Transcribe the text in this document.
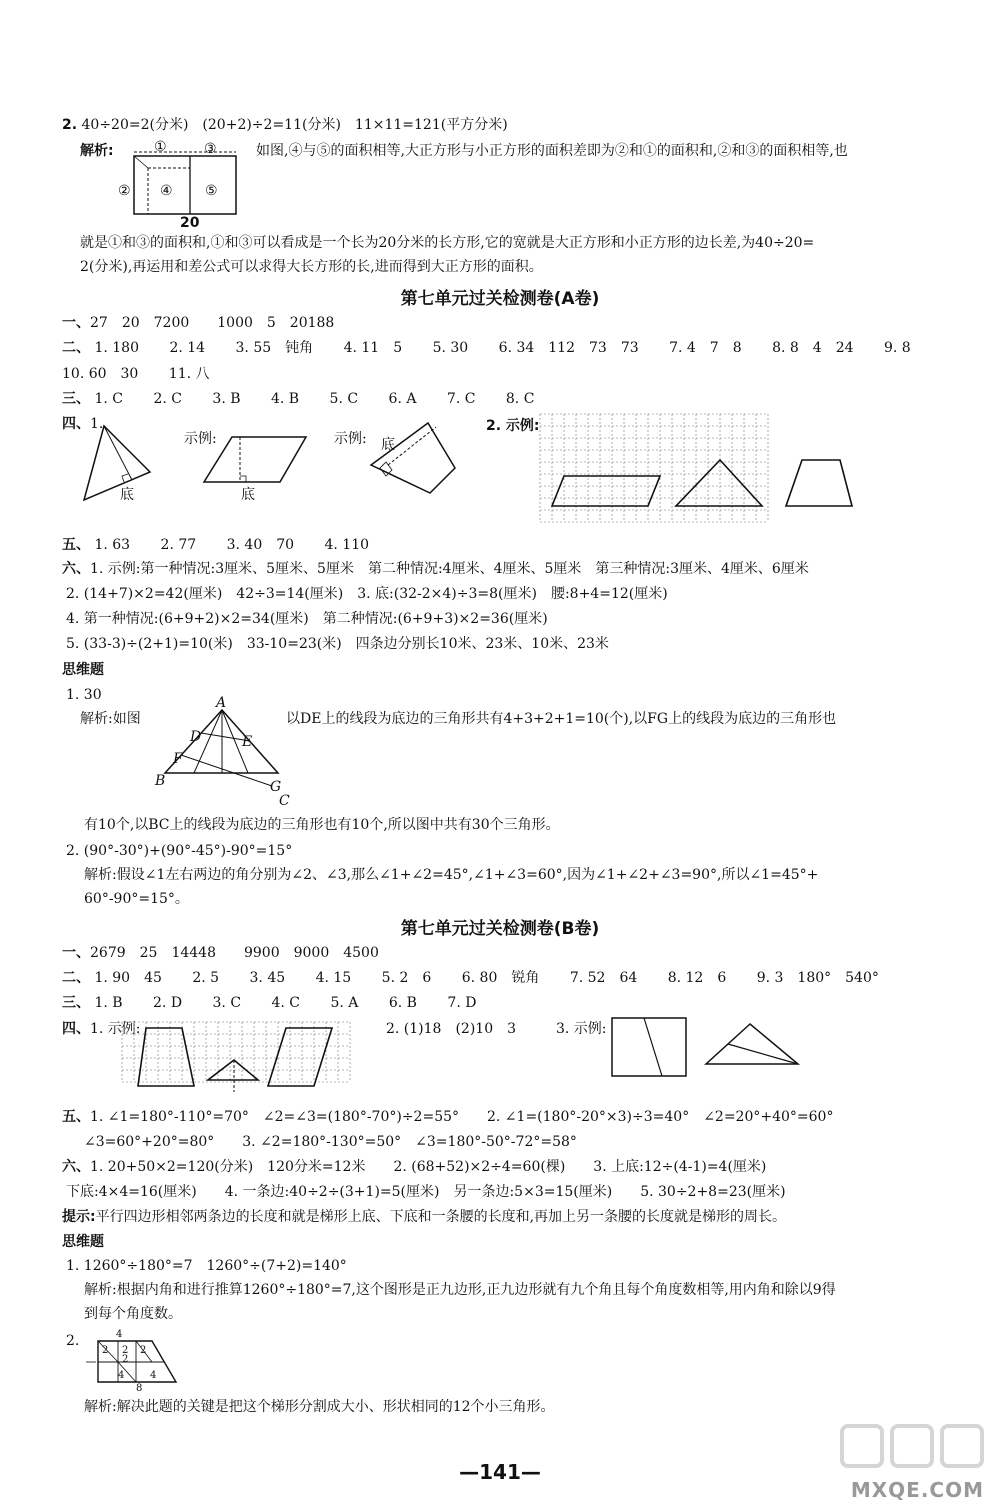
2. 40÷20=2(分米)　(20+2)÷2=11(分米)　11×11=121(平方分米)
解析:	①	③
② ④ ⑤
20
如图,④与⑤的面积相等,大正方形与小正方形的面积差即为②和①的面积和,②和③的面积相等,也
就是①和③的面积和,①和③可以看成是一个长为20分米的长方形,它的宽就是大正方形和小正方形的边长差,为40÷20=
2(分米),再运用和差公式可以求得大长方形的长,进而得到大正方形的面积。
第七单元过关检测卷(A卷)
一、27　20　7200　　1000　5　20188
二、 1. 180 2. 14 3. 55　钝角 4. 11　5 5. 30 6. 34　112　73　73 7. 4　7　8 8. 8　4　24 9. 8
10. 60　30 11. 八
三、 1. C 2. C 3. B 4. B 5. C 6. A 7. C 8. C
四、1.
示例:	示例:
底	底
底
2. 示例:
五、 1. 63 2. 77 3. 40　70 4. 110
六、1. 示例:第一种情况:3厘米、5厘米、5厘米　第二种情况:4厘米、4厘米、5厘米　第三种情况:3厘米、4厘米、6厘米
2. (14+7)×2=42(厘米)　42÷3=14(厘米)　3. 底:(32-2×4)÷3=8(厘米)　腰:8+4=12(厘米)
4. 第一种情况:(6+9+2)×2=34(厘米)　第二种情况:(6+9+3)×2=36(厘米)
5. (33-3)÷(2+1)=10(米)　33-10=23(米)　四条边分别长10米、23米、10米、23米
思维题
1. 30
解析:如图
A
D	E
F
G
B
C
以DE上的线段为底边的三角形共有4+3+2+1=10(个),以FG上的线段为底边的三角形也
有10个,以BC上的线段为底边的三角形也有10个,所以图中共有30个三角形。
2. (90°-30°)+(90°-45°)-90°=15°
解析:假设∠1左右两边的角分别为∠2、∠3,那么∠1+∠2=45°,∠1+∠3=60°,因为∠1+∠2+∠3=90°,所以∠1=45°+
60°-90°=15°。
第七单元过关检测卷(B卷)
一、2679　25　14448　　9900　9000　4500
二、 1. 90　45 2. 5 3. 45 4. 15 5. 2　6 6. 80　锐角 7. 52　64 8. 12　6 9. 3　180°　540°
三、 1. B 2. D 3. C 4. C 5. A 6. B 7. D
四、1. 示例:	2. (1)18　(2)10　3	3. 示例:
五、1. ∠1=180°-110°=70°　∠2=∠3=(180°-70°)÷2=55°　　2. ∠1=(180°-20°×3)÷3=40°　∠2=20°+40°=60°
∠3=60°+20°=80°　　3. ∠2=180°-130°=50°　∠3=180°-50°-72°=58°
六、1. 20+50×2=120(分米)　120分米=12米　　2. (68+52)×2÷4=60(棵)　　3. 上底:12÷(4-1)=4(厘米)
下底:4×4=16(厘米)　　4. 一条边:40÷2÷(3+1)=5(厘米)　另一条边:5×3=15(厘米)　　5. 30÷2+8=23(厘米)
提示:平行四边形相邻两条边的长度和就是梯形上底、下底和一条腰的长度和,再加上另一条腰的长度就是梯形的周长。
思维题
1. 1260°÷180°=7　1260°÷(7+2)=140°
解析:根据内角和进行推算1260°÷180°=7,这个图形是正九边形,正九边形就有九个角且每个角度数相等,用内角和除以9得
到每个角度数。
2.	4
2 2
2
2
4	4
8
解析:解决此题的关键是把这个梯形分割成大小、形状相同的12个小三角形。
—141—
MXQE.COM
